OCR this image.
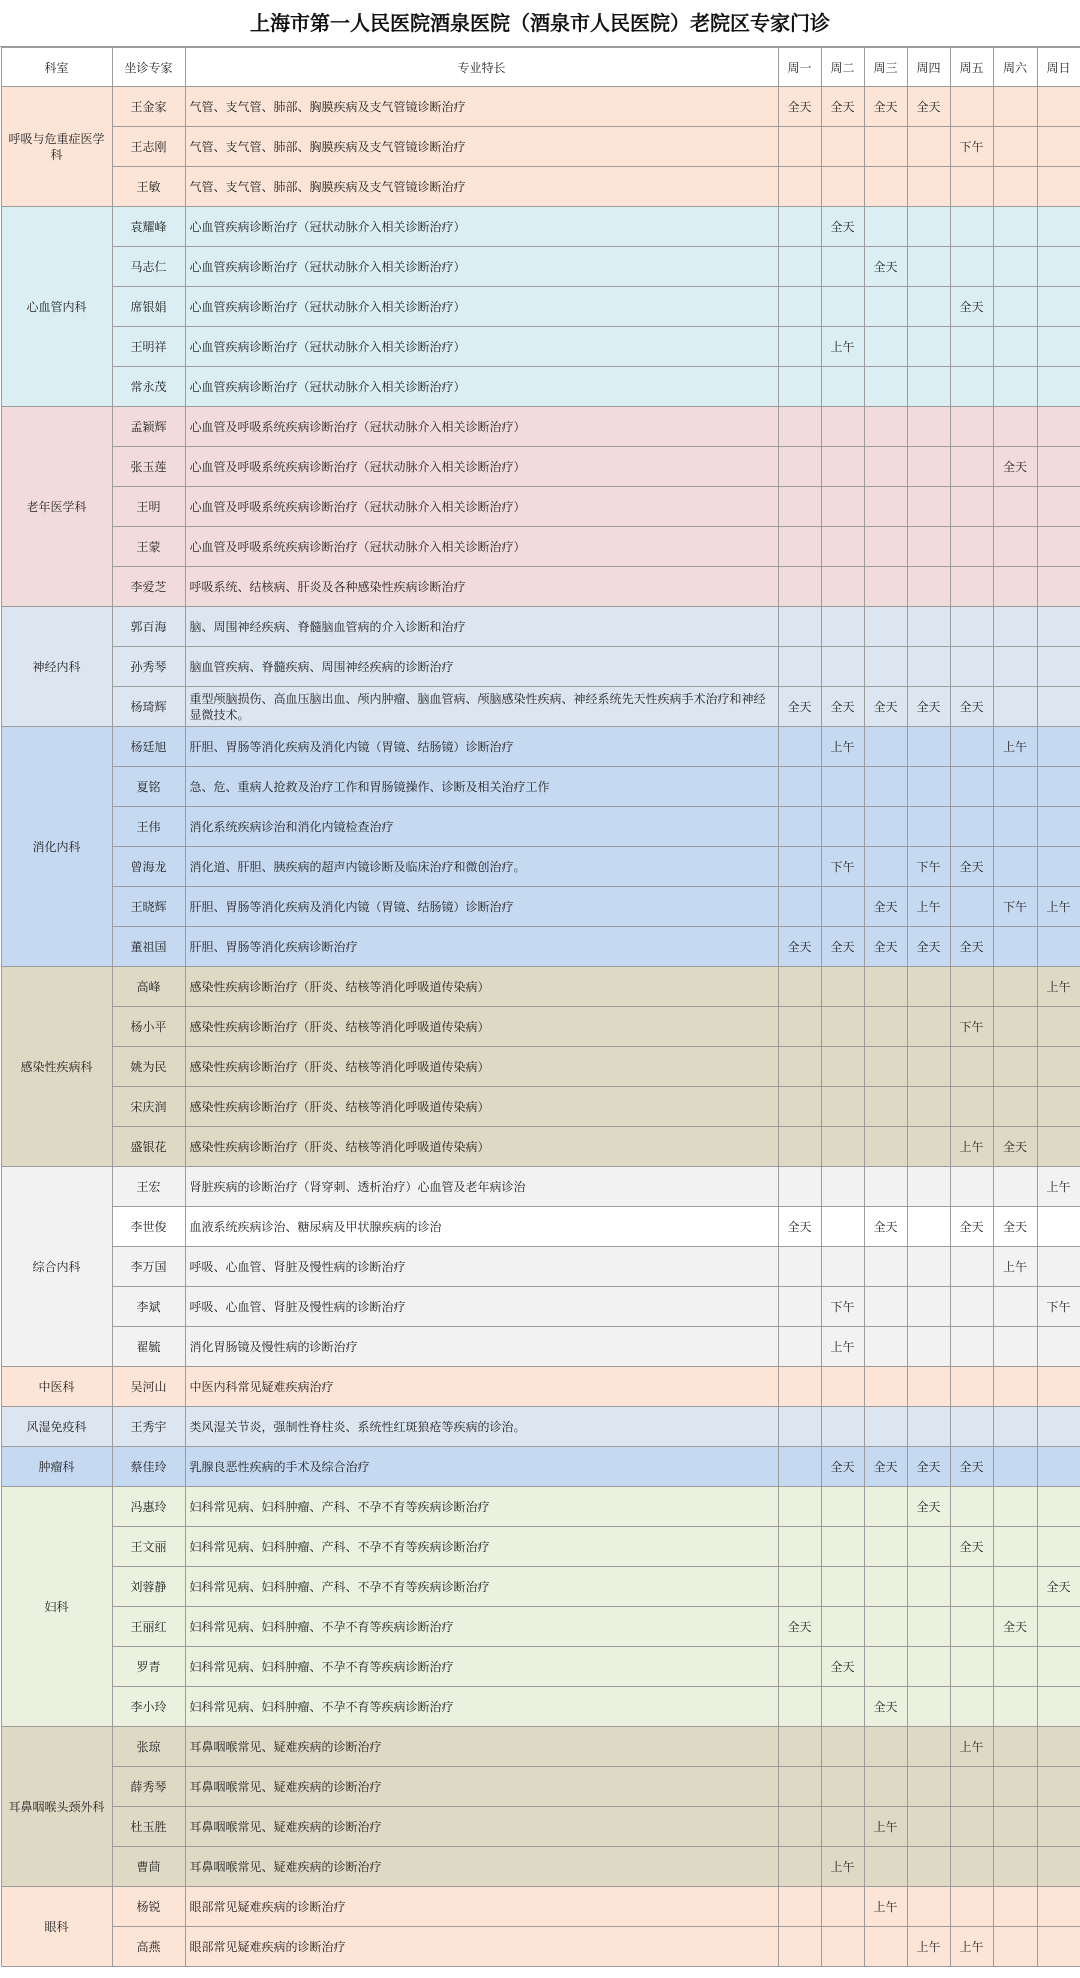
上海市第一人民医院酒泉医院（酒泉市人民医院）老院区专家门诊
科室	坐诊专家	专业特长	周一	周二	周三	周四	周五	周六	周日
呼吸与危重症医学科	王金家	气管、支气管、肺部、胸膜疾病及支气管镜诊断治疗	全天	全天	全天	全天			
	王志刚	气管、支气管、肺部、胸膜疾病及支气管镜诊断治疗					下午		
	王敏	气管、支气管、肺部、胸膜疾病及支气管镜诊断治疗							
心血管内科	袁耀峰	心血管疾病诊断治疗（冠状动脉介入相关诊断治疗）		全天					
	马志仁	心血管疾病诊断治疗（冠状动脉介入相关诊断治疗）			全天				
	席银娟	心血管疾病诊断治疗（冠状动脉介入相关诊断治疗）					全天		
	王明祥	心血管疾病诊断治疗（冠状动脉介入相关诊断治疗）		上午					
	常永茂	心血管疾病诊断治疗（冠状动脉介入相关诊断治疗）							
老年医学科	孟颖辉	心血管及呼吸系统疾病诊断治疗（冠状动脉介入相关诊断治疗）							
	张玉莲	心血管及呼吸系统疾病诊断治疗（冠状动脉介入相关诊断治疗）						全天	
	王明	心血管及呼吸系统疾病诊断治疗（冠状动脉介入相关诊断治疗）							
	王蒙	心血管及呼吸系统疾病诊断治疗（冠状动脉介入相关诊断治疗）							
	李爱芝	呼吸系统、结核病、肝炎及各种感染性疾病诊断治疗							
神经内科	郭百海	脑、周围神经疾病、脊髓脑血管病的介入诊断和治疗							
	孙秀琴	脑血管疾病、脊髓疾病、周围神经疾病的诊断治疗							
	杨琦辉	重型颅脑损伤、高血压脑出血、颅内肿瘤、脑血管病、颅脑感染性疾病、神经系统先天性疾病手术治疗和神经显微技术。	全天	全天	全天	全天	全天		
消化内科	杨廷旭	肝胆、胃肠等消化疾病及消化内镜（胃镜、结肠镜）诊断治疗		上午				上午	
	夏铭	急、危、重病人抢救及治疗工作和胃肠镜操作、诊断及相关治疗工作							
	王伟	消化系统疾病诊治和消化内镜检查治疗							
	曾海龙	消化道、肝胆、胰疾病的超声内镜诊断及临床治疗和微创治疗。		下午		下午	全天		
	王晓辉	肝胆、胃肠等消化疾病及消化内镜（胃镜、结肠镜）诊断治疗			全天	上午		下午	上午
	董祖国	肝胆、胃肠等消化疾病诊断治疗	全天	全天	全天	全天	全天		
感染性疾病科	高峰	感染性疾病诊断治疗（肝炎、结核等消化呼吸道传染病）							上午
	杨小平	感染性疾病诊断治疗（肝炎、结核等消化呼吸道传染病）					下午		
	姚为民	感染性疾病诊断治疗（肝炎、结核等消化呼吸道传染病）							
	宋庆润	感染性疾病诊断治疗（肝炎、结核等消化呼吸道传染病）							
	盛银花	感染性疾病诊断治疗（肝炎、结核等消化呼吸道传染病）					上午	全天	
综合内科	王宏	肾脏疾病的诊断治疗（肾穿刺、透析治疗）心血管及老年病诊治							上午
	李世俊	血液系统疾病诊治、糖尿病及甲状腺疾病的诊治	全天		全天		全天	全天	
	李万国	呼吸、心血管、肾脏及慢性病的诊断治疗						上午	
	李斌	呼吸、心血管、肾脏及慢性病的诊断治疗		下午					下午
	翟毓	消化胃肠镜及慢性病的诊断治疗		上午					
中医科	吴河山	中医内科常见疑难疾病治疗							
风湿免疫科	王秀宇	类风湿关节炎，强制性脊柱炎、系统性红斑狼疮等疾病的诊治。							
肿瘤科	蔡佳玲	乳腺良恶性疾病的手术及综合治疗		全天	全天	全天	全天		
妇科	冯惠玲	妇科常见病、妇科肿瘤、产科、不孕不育等疾病诊断治疗				全天			
	王文丽	妇科常见病、妇科肿瘤、产科、不孕不育等疾病诊断治疗					全天		
	刘蓉静	妇科常见病、妇科肿瘤、产科、不孕不育等疾病诊断治疗							全天
	王丽红	妇科常见病、妇科肿瘤、不孕不育等疾病诊断治疗	全天					全天	
	罗青	妇科常见病、妇科肿瘤、不孕不育等疾病诊断治疗		全天					
	李小玲	妇科常见病、妇科肿瘤、不孕不育等疾病诊断治疗			全天				
耳鼻咽喉头颈外科	张琼	耳鼻咽喉常见、疑难疾病的诊断治疗					上午		
	薛秀琴	耳鼻咽喉常见、疑难疾病的诊断治疗							
	杜玉胜	耳鼻咽喉常见、疑难疾病的诊断治疗			上午				
	曹茴	耳鼻咽喉常见、疑难疾病的诊断治疗		上午					
眼科	杨锐	眼部常见疑难疾病的诊断治疗			上午				
	高燕	眼部常见疑难疾病的诊断治疗				上午	上午		
